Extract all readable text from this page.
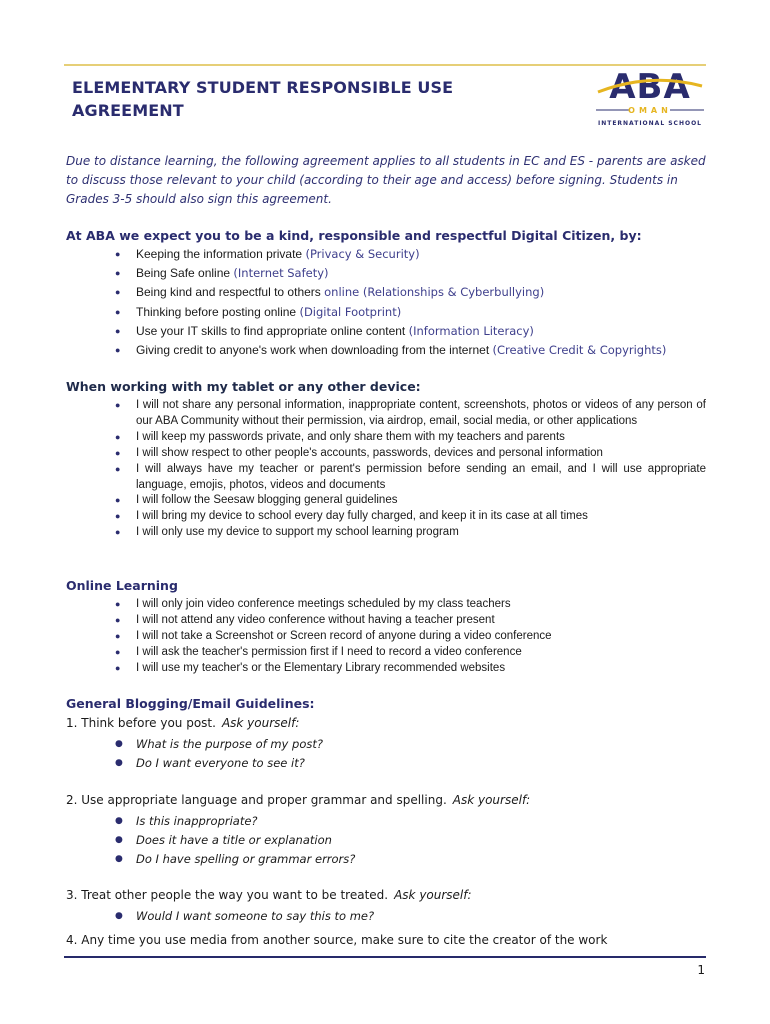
ELEMENTARY STUDENT RESPONSIBLE USE AGREEMENT
ABA
OMAN
INTERNATIONAL SCHOOL
Due to distance learning, the following agreement applies to all students in EC and ES - parents are asked to discuss those relevant to your child (according to their age and access) before signing. Students in Grades 3-5 should also sign this agreement.
At ABA we expect you to be a kind, responsible and respectful Digital Citizen, by:
● Keeping the information private (Privacy & Security)
● Being Safe online (Internet Safety)
● Being kind and respectful to others online (Relationships & Cyberbullying)
● Thinking before posting online (Digital Footprint)
● Use your IT skills to find appropriate online content (Information Literacy)
● Giving credit to anyone's work when downloading from the internet (Creative Credit & Copyrights)
When working with my tablet or any other device:
● I will not share any personal information, inappropriate content, screenshots, photos or videos of any person of our ABA Community without their permission, via airdrop, email, social media, or other applications
● I will keep my passwords private, and only share them with my teachers and parents
● I will show respect to other people's accounts, passwords, devices and personal information
● I will always have my teacher or parent's permission before sending an email, and I will use appropriate language, emojis, photos, videos and documents
● I will follow the Seesaw blogging general guidelines
● I will bring my device to school every day fully charged, and keep it in its case at all times
● I will only use my device to support my school learning program
Online Learning
● I will only join video conference meetings scheduled by my class teachers
● I will not attend any video conference without having a teacher present
● I will not take a Screenshot or Screen record of anyone during a video conference
● I will ask the teacher's permission first if I need to record a video conference
● I will use my teacher's or the Elementary Library recommended websites
General Blogging/Email Guidelines:
1. Think before you post. Ask yourself:
● What is the purpose of my post?
● Do I want everyone to see it?
2. Use appropriate language and proper grammar and spelling. Ask yourself:
● Is this inappropriate?
● Does it have a title or explanation
● Do I have spelling or grammar errors?
3. Treat other people the way you want to be treated. Ask yourself:
● Would I want someone to say this to me?
4. Any time you use media from another source, make sure to cite the creator of the work
1
